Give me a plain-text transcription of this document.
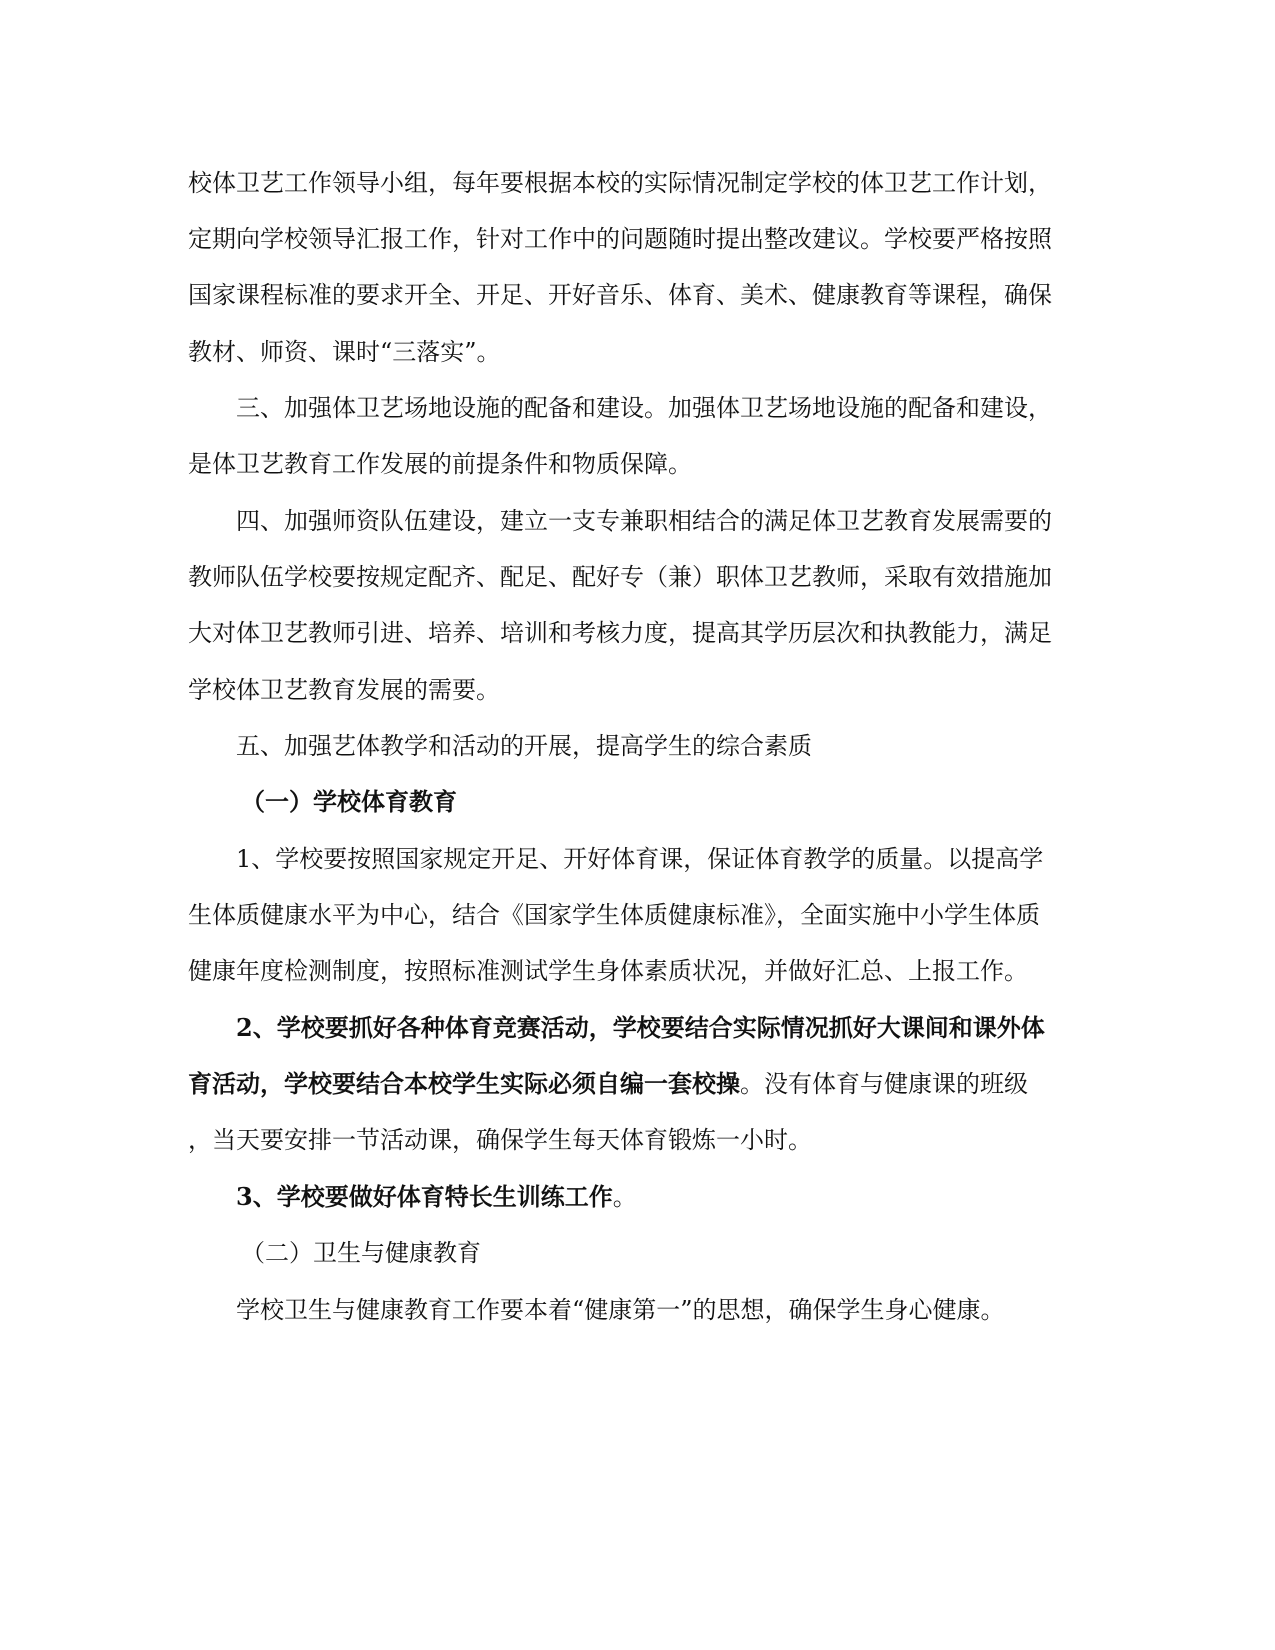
校体卫艺工作领导小组，每年要根据本校的实际情况制定学校的体卫艺工作计划，
定期向学校领导汇报工作，针对工作中的问题随时提出整改建议。学校要严格按照
国家课程标准的要求开全、开足、开好音乐、体育、美术、健康教育等课程，确保
教材、师资、课时“三落实”。
三、加强体卫艺场地设施的配备和建设。加强体卫艺场地设施的配备和建设，
是体卫艺教育工作发展的前提条件和物质保障。
四、加强师资队伍建设，建立一支专兼职相结合的满足体卫艺教育发展需要的
教师队伍学校要按规定配齐、配足、配好专（兼）职体卫艺教师，采取有效措施加
大对体卫艺教师引进、培养、培训和考核力度，提高其学历层次和执教能力，满足
学校体卫艺教育发展的需要。
五、加强艺体教学和活动的开展，提高学生的综合素质
（一）学校体育教育
1、学校要按照国家规定开足、开好体育课，保证体育教学的质量。以提高学
生体质健康水平为中心，结合《国家学生体质健康标准》，全面实施中小学生体质
健康年度检测制度，按照标准测试学生身体素质状况，并做好汇总、上报工作。
2、学校要抓好各种体育竞赛活动，学校要结合实际情况抓好大课间和课外体
育活动，学校要结合本校学生实际必须自编一套校操。没有体育与健康课的班级
，当天要安排一节活动课，确保学生每天体育锻炼一小时。
3、学校要做好体育特长生训练工作。
（二）卫生与健康教育
学校卫生与健康教育工作要本着“健康第一”的思想，确保学生身心健康。
